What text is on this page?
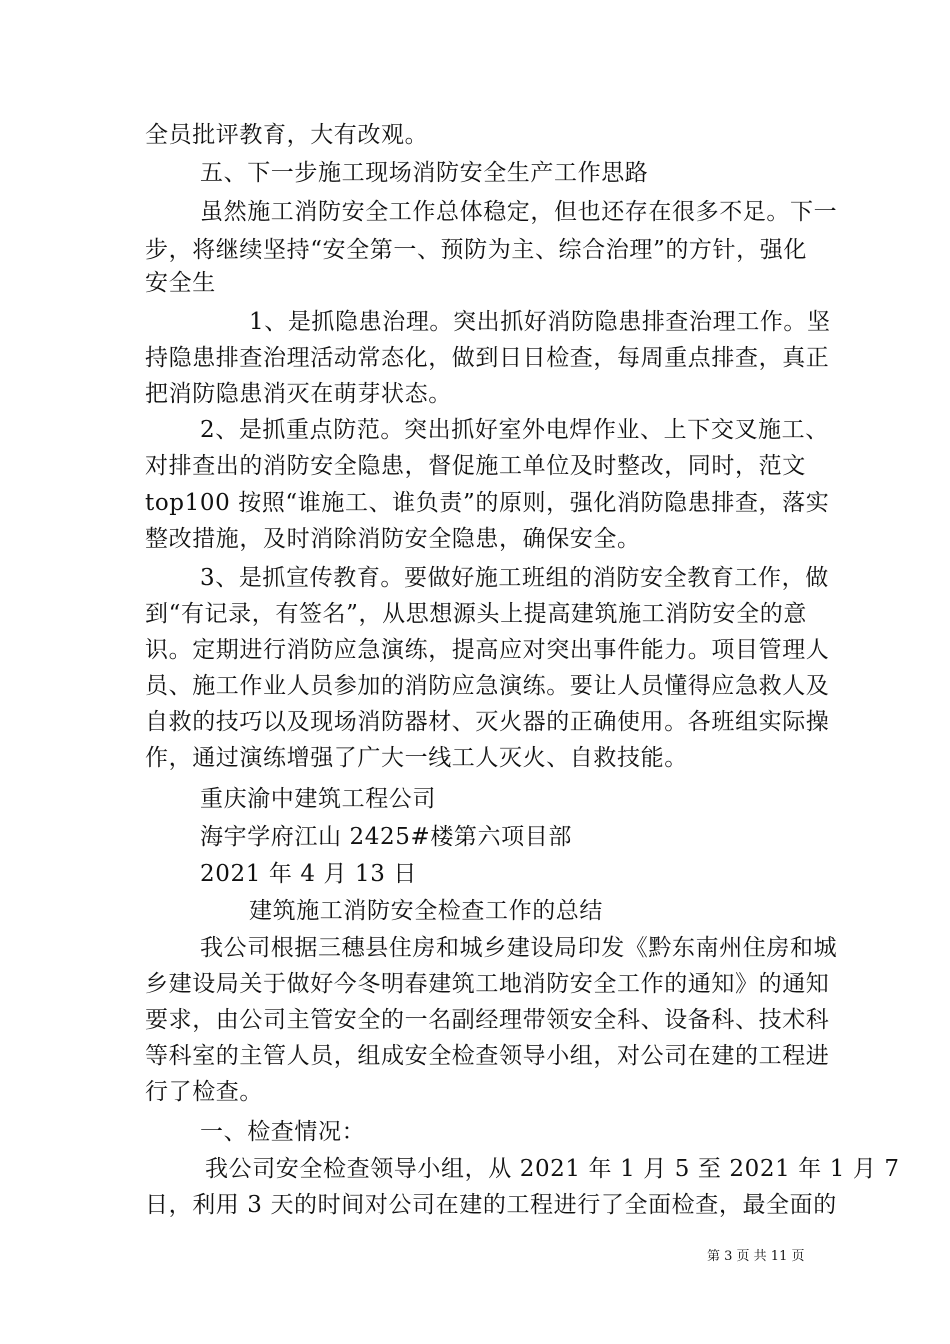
全员批评教育，大有改观。
五、下一步施工现场消防安全生产工作思路
虽然施工消防安全工作总体稳定，但也还存在很多不足。下一
步，将继续坚持“安全第一、预防为主、综合治理”的方针，强化
安全生
1、是抓隐患治理。突出抓好消防隐患排查治理工作。坚
持隐患排查治理活动常态化，做到日日检查，每周重点排查，真正
把消防隐患消灭在萌芽状态。
2、是抓重点防范。突出抓好室外电焊作业、上下交叉施工、
对排查出的消防安全隐患，督促施工单位及时整改，同时，范文
top100 按照“谁施工、谁负责”的原则，强化消防隐患排查，落实
整改措施，及时消除消防安全隐患，确保安全。
3、是抓宣传教育。要做好施工班组的消防安全教育工作，做
到“有记录，有签名”，从思想源头上提高建筑施工消防安全的意
识。定期进行消防应急演练，提高应对突出事件能力。项目管理人
员、施工作业人员参加的消防应急演练。要让人员懂得应急救人及
自救的技巧以及现场消防器材、灭火器的正确使用。各班组实际操
作，通过演练增强了广大一线工人灭火、自救技能。
重庆渝中建筑工程公司
海宇学府江山 2425#楼第六项目部
2021 年 4 月 13 日
建筑施工消防安全检查工作的总结
我公司根据三穗县住房和城乡建设局印发《黔东南州住房和城
乡建设局关于做好今冬明春建筑工地消防安全工作的通知》的通知
要求，由公司主管安全的一名副经理带领安全科、设备科、技术科
等科室的主管人员，组成安全检查领导小组，对公司在建的工程进
行了检查。
一、检查情况：
我公司安全检查领导小组，从 2021 年 1 月 5 至 2021 年 1 月 7
日，利用 3 天的时间对公司在建的工程进行了全面检查，最全面的
第 3 页 共 11 页
